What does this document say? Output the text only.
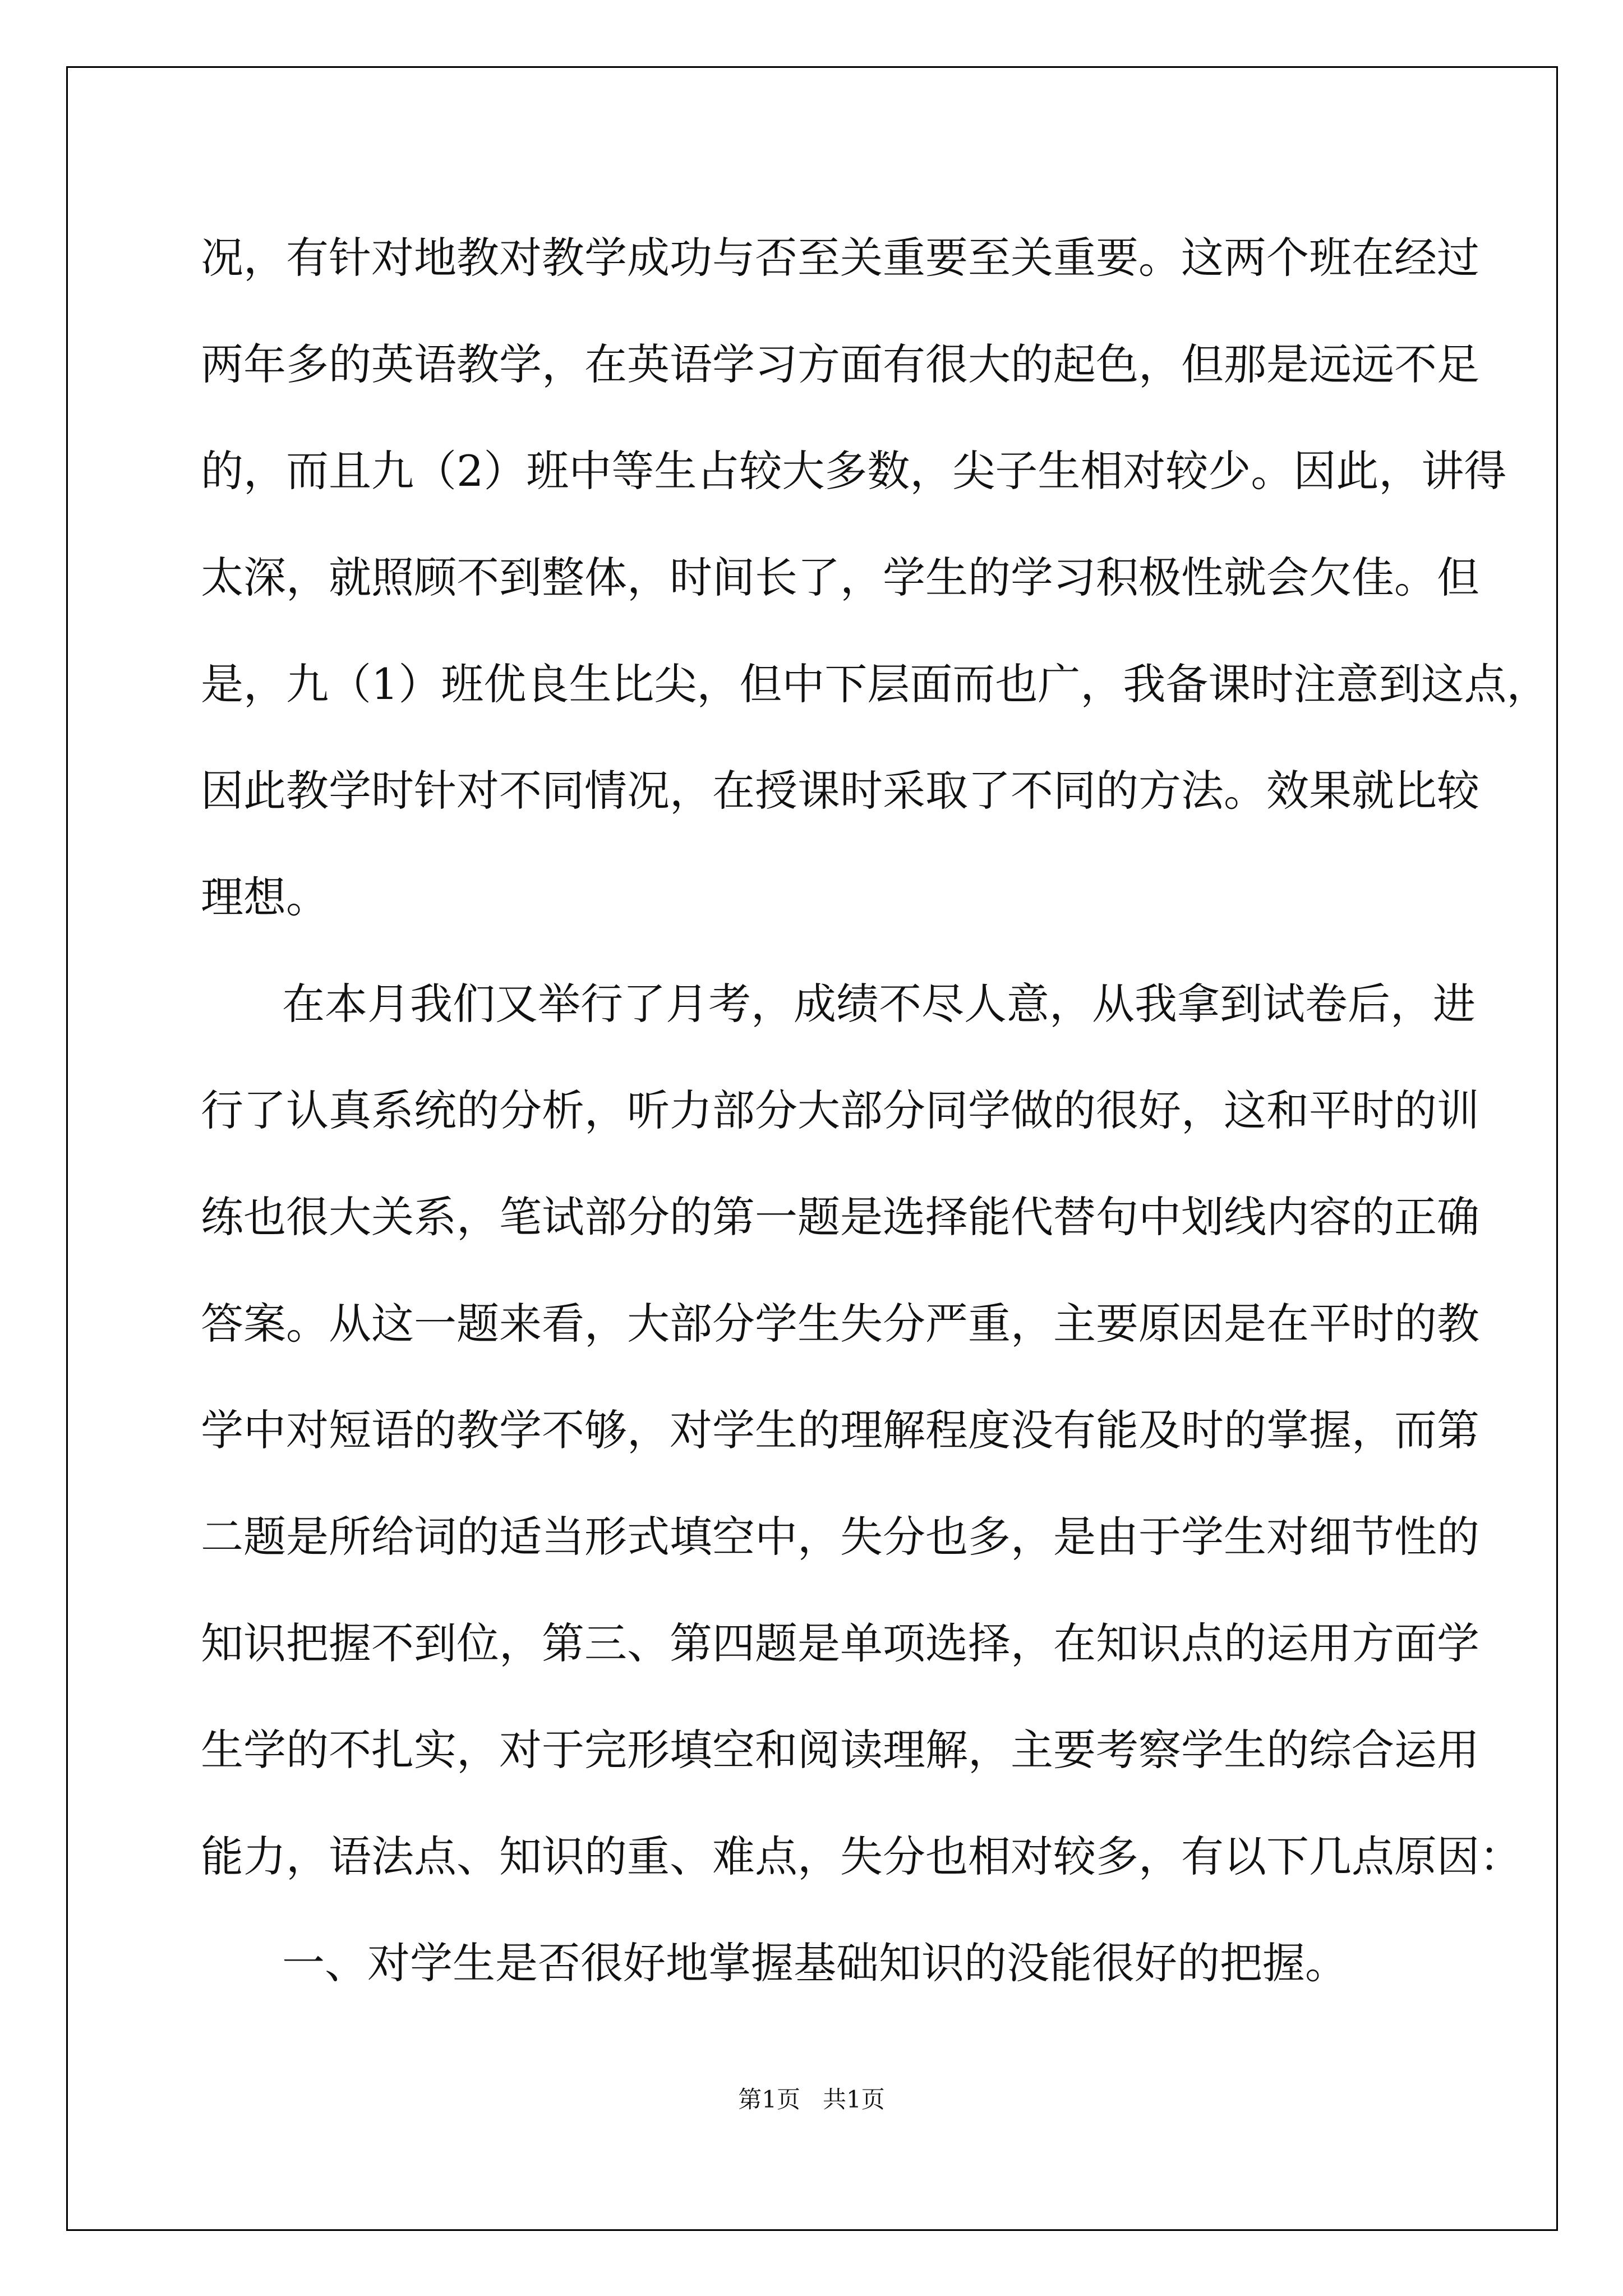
况，有针对地教对教学成功与否至关重要至关重要。这两个班在经过
两年多的英语教学，在英语学习方面有很大的起色，但那是远远不足
的，而且九（2）班中等生占较大多数，尖子生相对较少。因此，讲得
太深，就照顾不到整体，时间长了，学生的学习积极性就会欠佳。但
是，九（1）班优良生比尖，但中下层面而也广，我备课时注意到这点，
因此教学时针对不同情况，在授课时采取了不同的方法。效果就比较
理想。
在本月我们又举行了月考，成绩不尽人意，从我拿到试卷后，进
行了认真系统的分析，听力部分大部分同学做的很好，这和平时的训
练也很大关系，笔试部分的第一题是选择能代替句中划线内容的正确
答案。从这一题来看，大部分学生失分严重，主要原因是在平时的教
学中对短语的教学不够，对学生的理解程度没有能及时的掌握，而第
二题是所给词的适当形式填空中，失分也多，是由于学生对细节性的
知识把握不到位，第三、第四题是单项选择，在知识点的运用方面学
生学的不扎实，对于完形填空和阅读理解，主要考察学生的综合运用
能力，语法点、知识的重、难点，失分也相对较多，有以下几点原因：
一、对学生是否很好地掌握基础知识的没能很好的把握。
第1页   共1页
